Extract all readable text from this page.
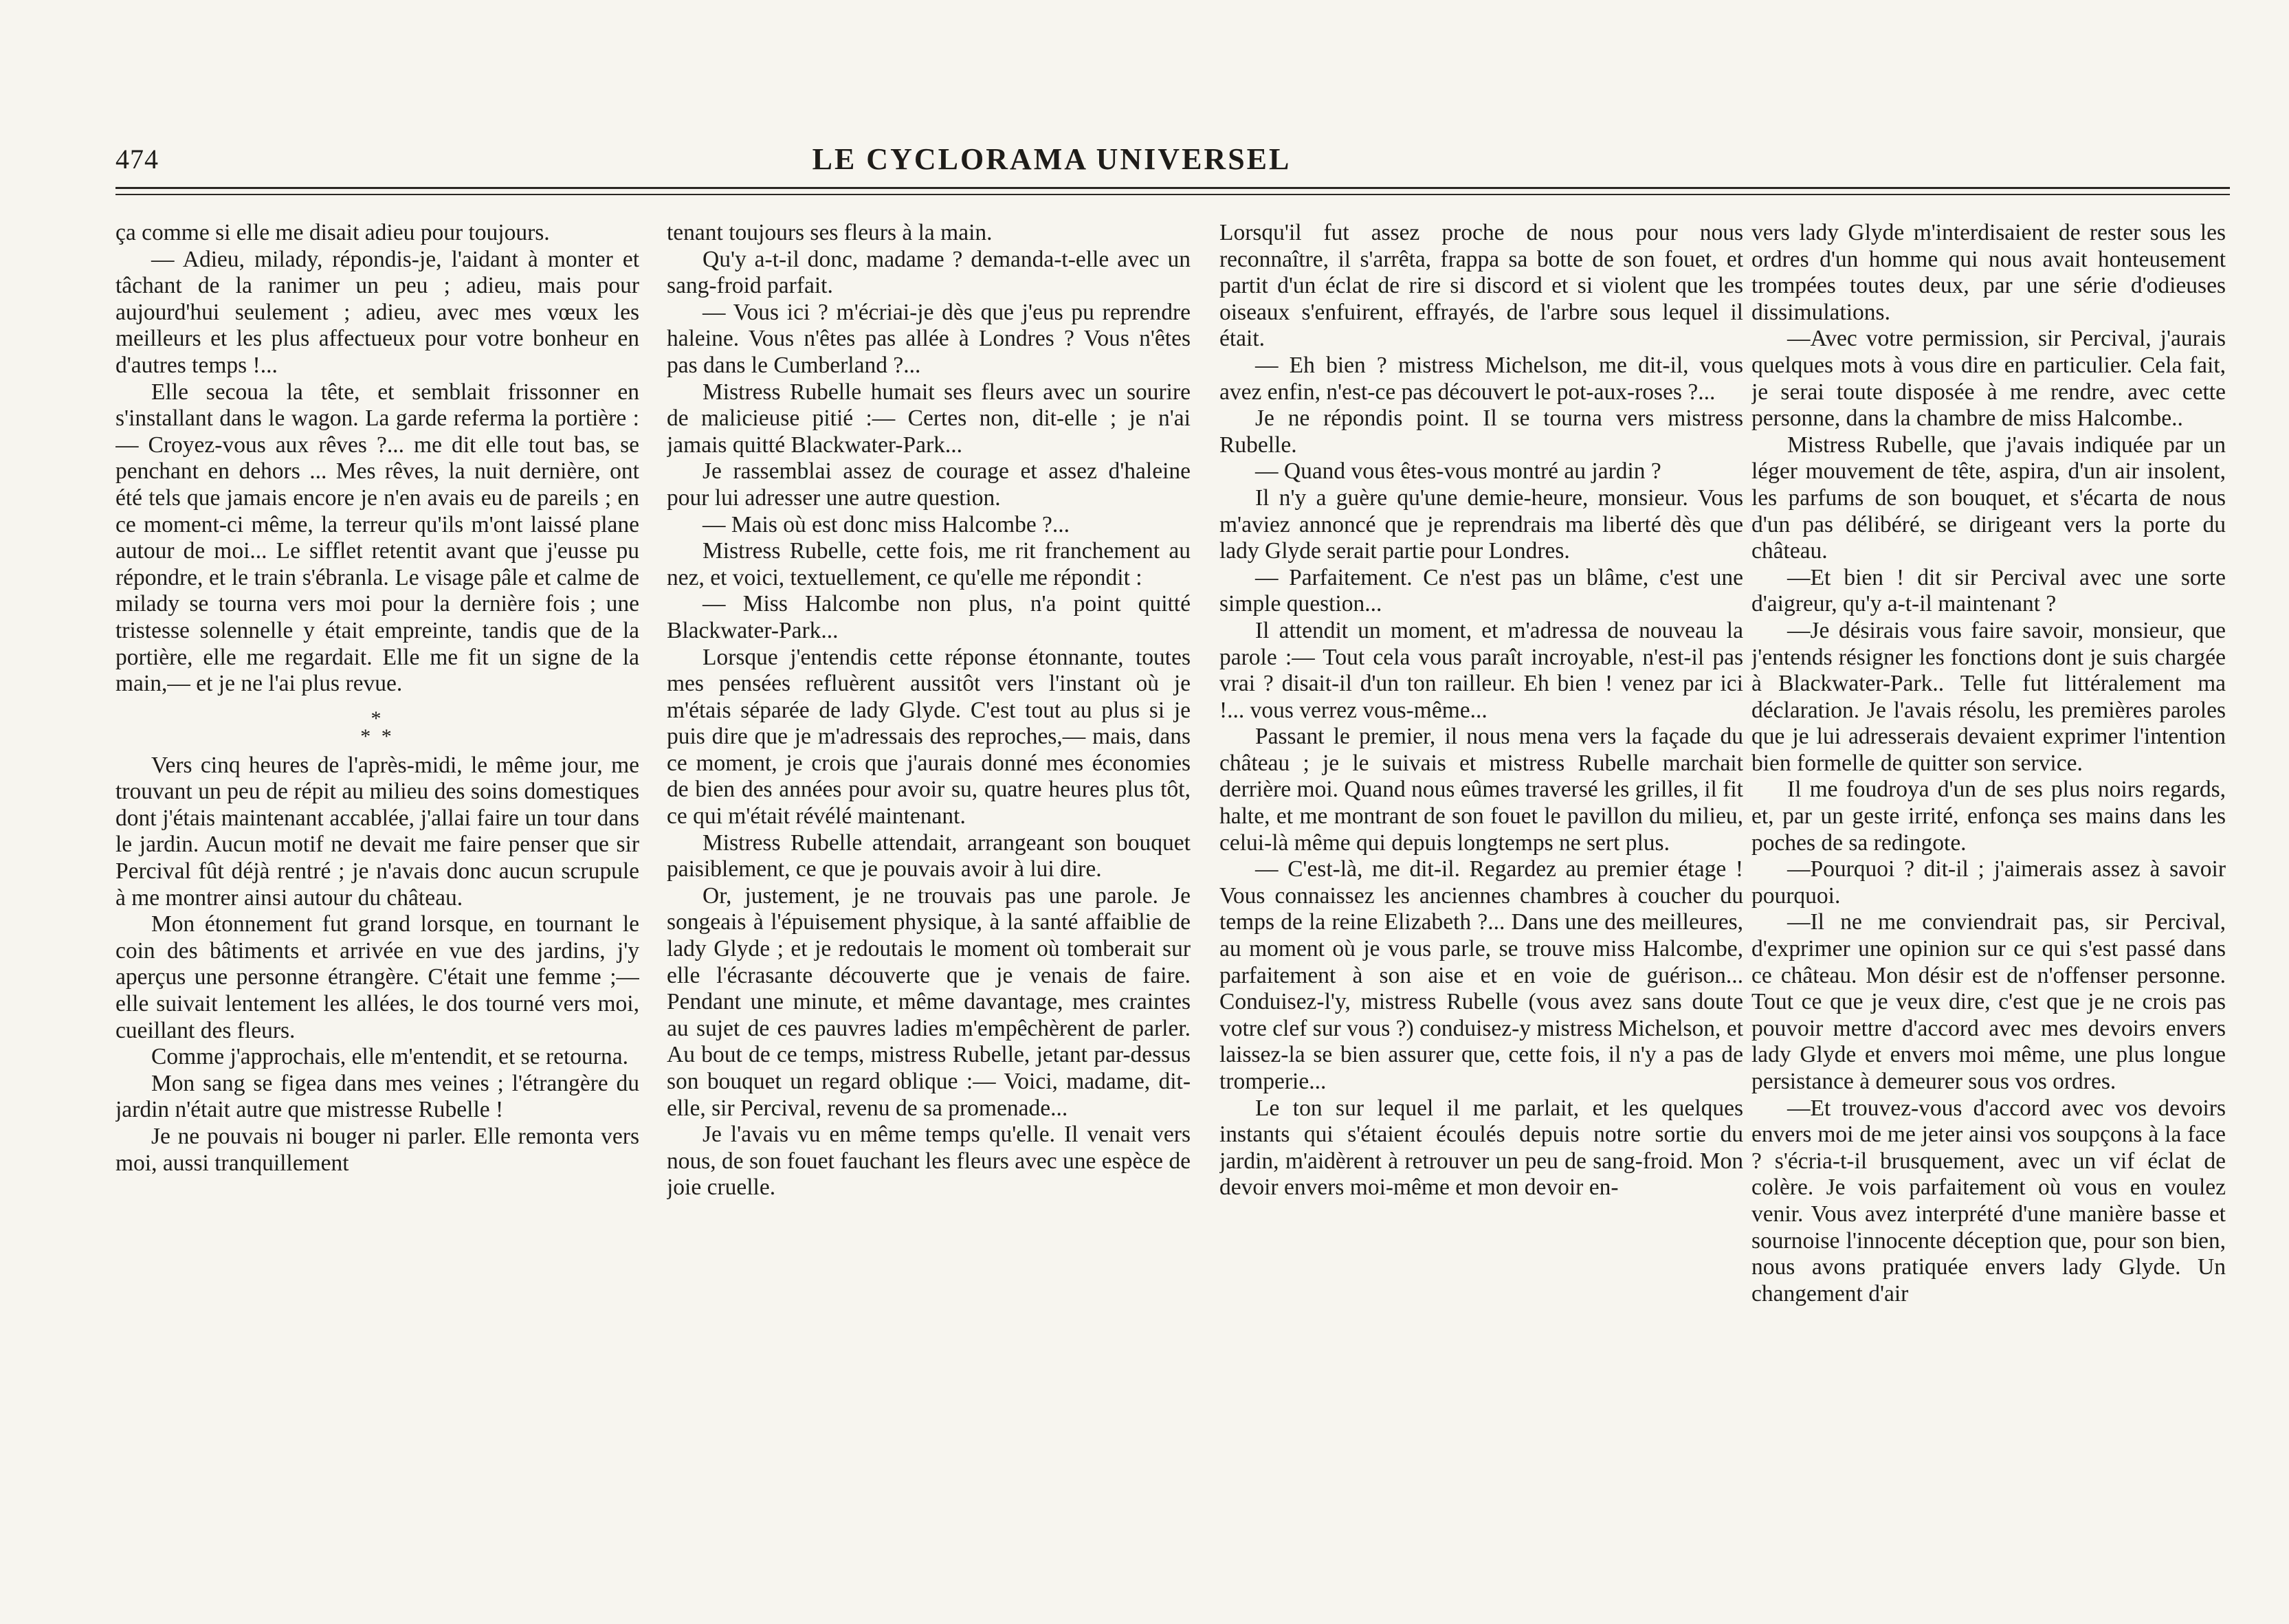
474	LE CYCLORAMA UNIVERSEL

ça comme si elle me disait adieu pour toujours.

— Adieu, milady, répondis-je, l'aidant à monter et tâchant de la ranimer un peu ; adieu, mais pour aujourd'hui seulement ; adieu, avec mes vœux les meilleurs et les plus affectueux pour votre bonheur en d'autres temps !...

Elle secoua la tête, et semblait frissonner en s'installant dans le wagon. La garde referma la portière :— Croyez-vous aux rêves ?... me dit elle tout bas, se penchant en dehors ... Mes rêves, la nuit dernière, ont été tels que jamais encore je n'en avais eu de pareils ; en ce moment-ci même, la terreur qu'ils m'ont laissé plane autour de moi... Le sifflet retentit avant que j'eusse pu répondre, et le train s'ébranla. Le visage pâle et calme de milady se tourna vers moi pour la dernière fois ; une tristesse solennelle y était empreinte, tandis que de la portière, elle me regardait. Elle me fit un signe de la main,— et je ne l'ai plus revue.

*
* *

Vers cinq heures de l'après-midi, le même jour, me trouvant un peu de répit au milieu des soins domestiques dont j'étais maintenant accablée, j'allai faire un tour dans le jardin. Aucun motif ne devait me faire penser que sir Percival fût déjà rentré ; je n'avais donc aucun scrupule à me montrer ainsi autour du château.

Mon étonnement fut grand lorsque, en tournant le coin des bâtiments et arrivée en vue des jardins, j'y aperçus une personne étrangère. C'était une femme ;— elle suivait lentement les allées, le dos tourné vers moi, cueillant des fleurs.

Comme j'approchais, elle m'entendit, et se retourna.

Mon sang se figea dans mes veines ; l'étrangère du jardin n'était autre que mistresse Rubelle !

Je ne pouvais ni bouger ni parler. Elle remonta vers moi, aussi tranquillement

tenant toujours ses fleurs à la main.

Qu'y a-t-il donc, madame ? demanda-t-elle avec un sang-froid parfait.

— Vous ici ? m'écriai-je dès que j'eus pu reprendre haleine. Vous n'êtes pas allée à Londres ? Vous n'êtes pas dans le Cumberland ?...

Mistress Rubelle humait ses fleurs avec un sourire de malicieuse pitié :— Certes non, dit-elle ; je n'ai jamais quitté Blackwater-Park...

Je rassemblai assez de courage et assez d'haleine pour lui adresser une autre question.

— Mais où est donc miss Halcombe ?...

Mistress Rubelle, cette fois, me rit franchement au nez, et voici, textuellement, ce qu'elle me répondit :

— Miss Halcombe non plus, n'a point quitté Blackwater-Park...

Lorsque j'entendis cette réponse étonnante, toutes mes pensées refluèrent aussitôt vers l'instant où je m'étais séparée de lady Glyde. C'est tout au plus si je puis dire que je m'adressais des reproches,— mais, dans ce moment, je crois que j'aurais donné mes économies de bien des années pour avoir su, quatre heures plus tôt, ce qui m'était révélé maintenant.

Mistress Rubelle attendait, arrangeant son bouquet paisiblement, ce que je pouvais avoir à lui dire.

Or, justement, je ne trouvais pas une parole. Je songeais à l'épuisement physique, à la santé affaiblie de lady Glyde ; et je redoutais le moment où tomberait sur elle l'écrasante découverte que je venais de faire. Pendant une minute, et même davantage, mes craintes au sujet de ces pauvres ladies m'empêchèrent de parler. Au bout de ce temps, mistress Rubelle, jetant par-dessus son bouquet un regard oblique :— Voici, madame, dit-elle, sir Percival, revenu de sa promenade...

Je l'avais vu en même temps qu'elle. Il venait vers nous, de son fouet fauchant les fleurs avec une espèce de joie cruelle.

Lorsqu'il fut assez proche de nous pour nous reconnaître, il s'arrêta, frappa sa botte de son fouet, et partit d'un éclat de rire si discord et si violent que les oiseaux s'enfuirent, effrayés, de l'arbre sous lequel il était.

— Eh bien ? mistress Michelson, me dit-il, vous avez enfin, n'est-ce pas découvert le pot-aux-roses ?...

Je ne répondis point. Il se tourna vers mistress Rubelle.

— Quand vous êtes-vous montré au jardin ?

Il n'y a guère qu'une demie-heure, monsieur. Vous m'aviez annoncé que je reprendrais ma liberté dès que lady Glyde serait partie pour Londres.

— Parfaitement. Ce n'est pas un blâme, c'est une simple question...

Il attendit un moment, et m'adressa de nouveau la parole :— Tout cela vous paraît incroyable, n'est-il pas vrai ? disait-il d'un ton railleur. Eh bien ! venez par ici !... vous verrez vous-même...

Passant le premier, il nous mena vers la façade du château ; je le suivais et mistress Rubelle marchait derrière moi. Quand nous eûmes traversé les grilles, il fit halte, et me montrant de son fouet le pavillon du milieu, celui-là même qui depuis longtemps ne sert plus.

— C'est-là, me dit-il. Regardez au premier étage ! Vous connaissez les anciennes chambres à coucher du temps de la reine Elizabeth ?... Dans une des meilleures, au moment où je vous parle, se trouve miss Halcombe, parfaitement à son aise et en voie de guérison... Conduisez-l'y, mistress Rubelle (vous avez sans doute votre clef sur vous ?) conduisez-y mistress Michelson, et laissez-la se bien assurer que, cette fois, il n'y a pas de tromperie...

Le ton sur lequel il me parlait, et les quelques instants qui s'étaient écoulés depuis notre sortie du jardin, m'aidèrent à retrouver un peu de sang-froid. Mon devoir envers moi-même et mon devoir en-

vers lady Glyde m'interdisaient de rester sous les ordres d'un homme qui nous avait honteusement trompées toutes deux, par une série d'odieuses dissimulations.

—Avec votre permission, sir Percival, j'aurais quelques mots à vous dire en particulier. Cela fait, je serai toute disposée à me rendre, avec cette personne, dans la chambre de miss Halcombe..

Mistress Rubelle, que j'avais indiquée par un léger mouvement de tête, aspira, d'un air insolent, les parfums de son bouquet, et s'écarta de nous d'un pas délibéré, se dirigeant vers la porte du château.

—Et bien ! dit sir Percival avec une sorte d'aigreur, qu'y a-t-il maintenant ?

—Je désirais vous faire savoir, monsieur, que j'entends résigner les fonctions dont je suis chargée à Blackwater-Park.. Telle fut littéralement ma déclaration. Je l'avais résolu, les premières paroles que je lui adresserais devaient exprimer l'intention bien formelle de quitter son service.

Il me foudroya d'un de ses plus noirs regards, et, par un geste irrité, enfonça ses mains dans les poches de sa redingote.

—Pourquoi ? dit-il ; j'aimerais assez à savoir pourquoi.

—Il ne me conviendrait pas, sir Percival, d'exprimer une opinion sur ce qui s'est passé dans ce château. Mon désir est de n'offenser personne. Tout ce que je veux dire, c'est que je ne crois pas pouvoir mettre d'accord avec mes devoirs envers lady Glyde et envers moi même, une plus longue persistance à demeurer sous vos ordres.

—Et trouvez-vous d'accord avec vos devoirs envers moi de me jeter ainsi vos soupçons à la face ? s'écria-t-il brusquement, avec un vif éclat de colère. Je vois parfaitement où vous en voulez venir. Vous avez interprété d'une manière basse et sournoise l'innocente déception que, pour son bien, nous avons pratiquée envers lady Glyde. Un changement d'air
